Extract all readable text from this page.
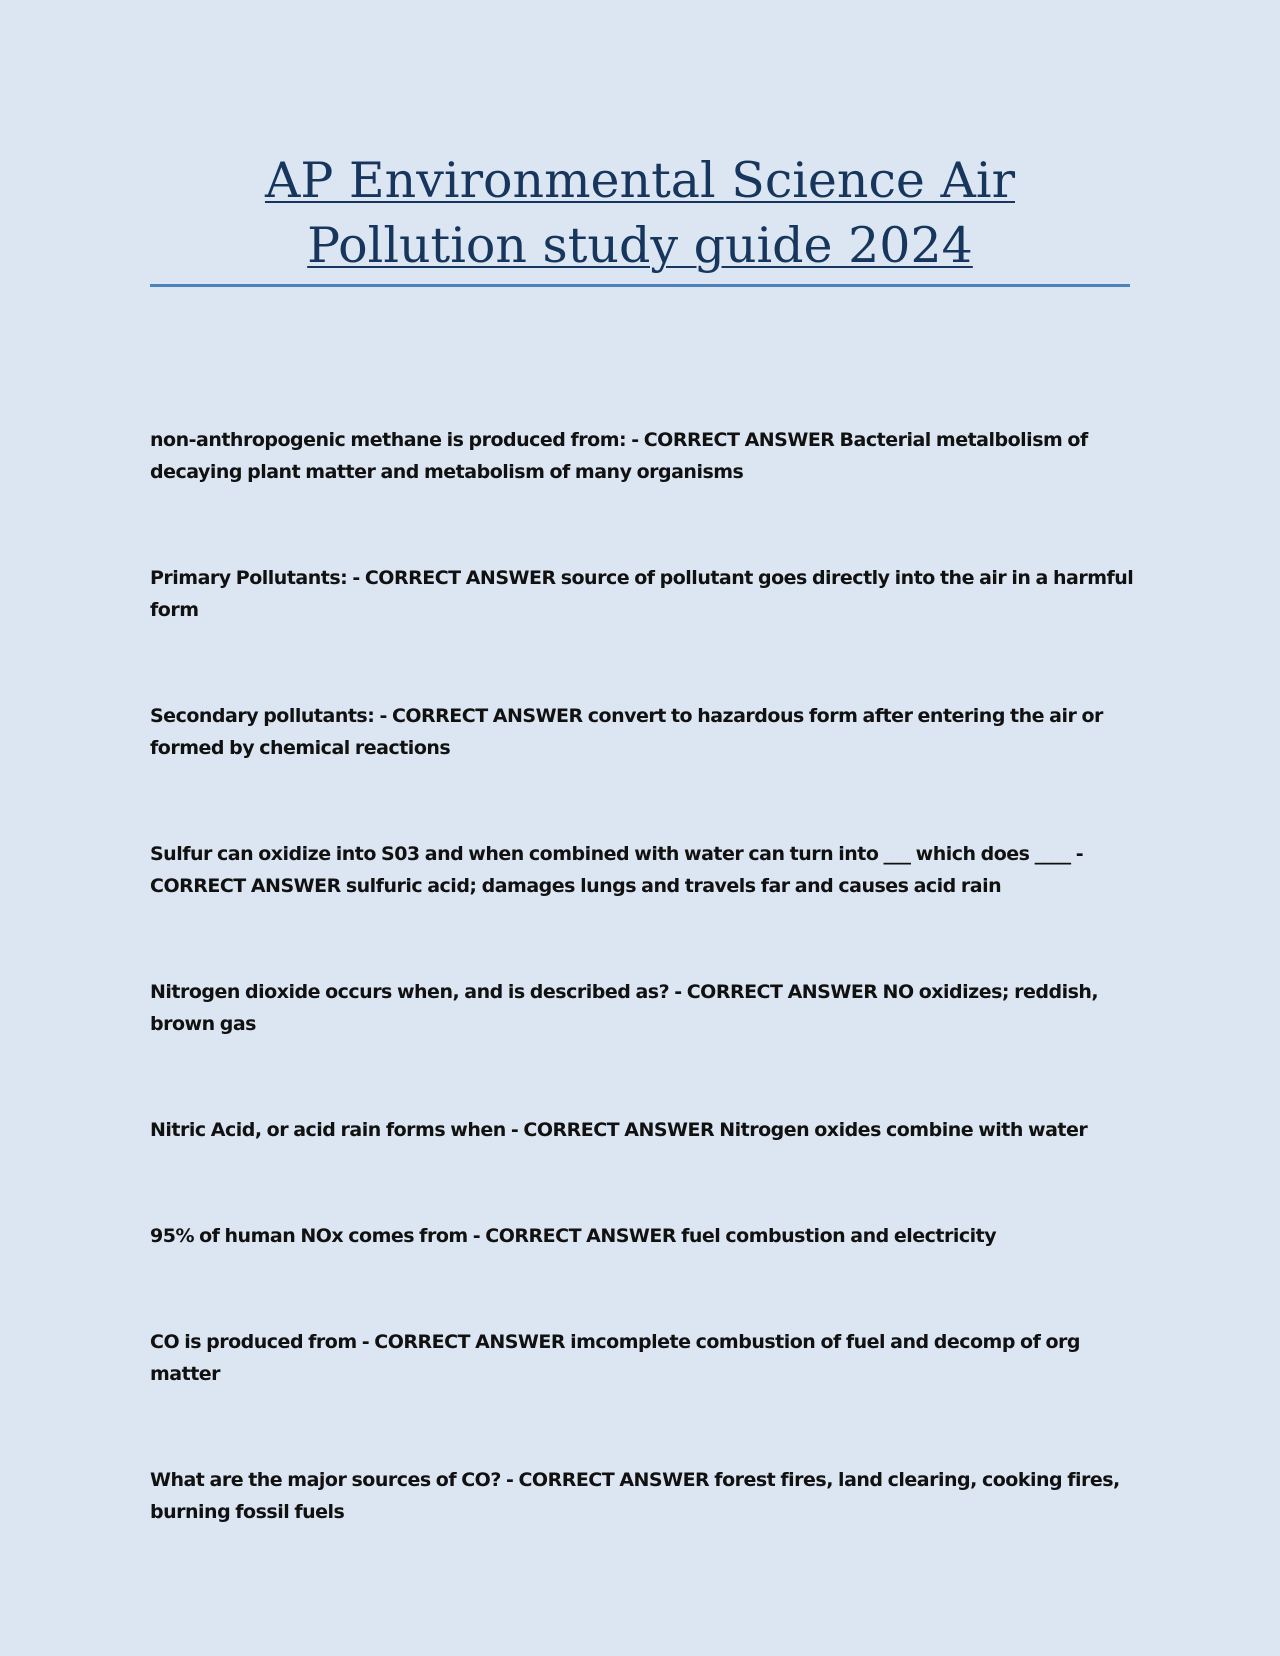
AP Environmental Science Air Pollution study guide 2024
non-anthropogenic methane is produced from: - CORRECT ANSWER Bacterial metalbolism of decaying plant matter and metabolism of many organisms
Primary Pollutants: - CORRECT ANSWER source of pollutant goes directly into the air in a harmful form
Secondary pollutants: - CORRECT ANSWER convert to hazardous form after entering the air or formed by chemical reactions
Sulfur can oxidize into S03 and when combined with water can turn into ___ which does ____ - CORRECT ANSWER sulfuric acid; damages lungs and travels far and causes acid rain
Nitrogen dioxide occurs when, and is described as? - CORRECT ANSWER NO oxidizes; reddish, brown gas
Nitric Acid, or acid rain forms when - CORRECT ANSWER Nitrogen oxides combine with water
95% of human NOx comes from - CORRECT ANSWER fuel combustion and electricity
CO is produced from - CORRECT ANSWER imcomplete combustion of fuel and decomp of org matter
What are the major sources of CO? - CORRECT ANSWER forest fires, land clearing, cooking fires, burning fossil fuels
